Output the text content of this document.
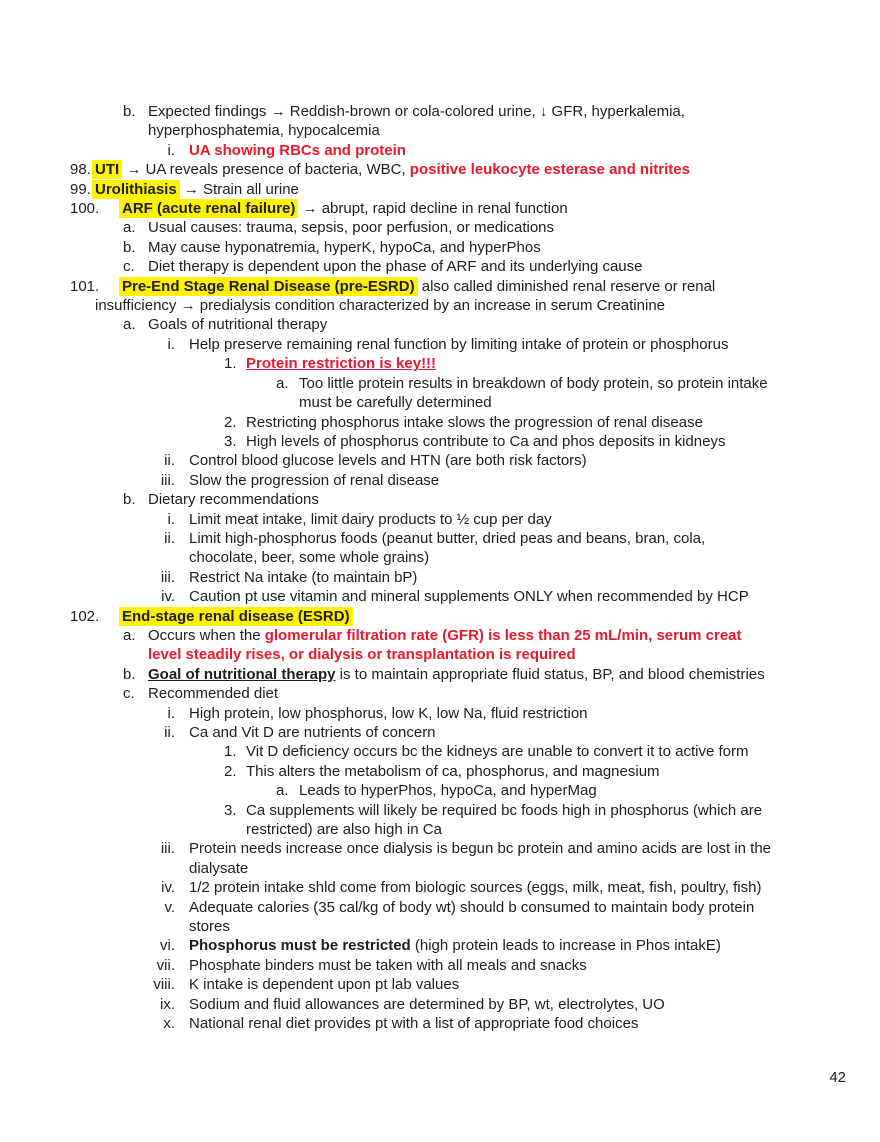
b. Expected findings → Reddish-brown or cola-colored urine, ↓ GFR, hyperkalemia,
hyperphosphatemia, hypocalcemia
i. UA showing RBCs and protein
98. UTI → UA reveals presence of bacteria, WBC, positive leukocyte esterase and nitrites
99. Urolithiasis → Strain all urine
100. ARF (acute renal failure) → abrupt, rapid decline in renal function
a. Usual causes: trauma, sepsis, poor perfusion, or medications
b. May cause hyponatremia, hyperK, hypoCa, and hyperPhos
c. Diet therapy is dependent upon the phase of ARF and its underlying cause
101. Pre-End Stage Renal Disease (pre-ESRD) also called diminished renal reserve or renal
insufficiency → predialysis condition characterized by an increase in serum Creatinine
a. Goals of nutritional therapy
i. Help preserve remaining renal function by limiting intake of protein or phosphorus
1. Protein restriction is key!!!
a. Too little protein results in breakdown of body protein, so protein intake
must be carefully determined
2. Restricting phosphorus intake slows the progression of renal disease
3. High levels of phosphorus contribute to Ca and phos deposits in kidneys
ii. Control blood glucose levels and HTN (are both risk factors)
iii. Slow the progression of renal disease
b. Dietary recommendations
i. Limit meat intake, limit dairy products to ½ cup per day
ii. Limit high-phosphorus foods (peanut butter, dried peas and beans, bran, cola,
chocolate, beer, some whole grains)
iii. Restrict Na intake (to maintain bP)
iv. Caution pt use vitamin and mineral supplements ONLY when recommended by HCP
102. End-stage renal disease (ESRD)
a. Occurs when the glomerular filtration rate (GFR) is less than 25 mL/min, serum creat
level steadily rises, or dialysis or transplantation is required
b. Goal of nutritional therapy is to maintain appropriate fluid status, BP, and blood chemistries
c. Recommended diet
i. High protein, low phosphorus, low K, low Na, fluid restriction
ii. Ca and Vit D are nutrients of concern
1. Vit D deficiency occurs bc the kidneys are unable to convert it to active form
2. This alters the metabolism of ca, phosphorus, and magnesium
a. Leads to hyperPhos, hypoCa, and hyperMag
3. Ca supplements will likely be required bc foods high in phosphorus (which are
restricted) are also high in Ca
iii. Protein needs increase once dialysis is begun bc protein and amino acids are lost in the
dialysate
iv. 1/2 protein intake shld come from biologic sources (eggs, milk, meat, fish, poultry, fish)
v. Adequate calories (35 cal/kg of body wt) should b consumed to maintain body protein
stores
vi. Phosphorus must be restricted (high protein leads to increase in Phos intakE)
vii. Phosphate binders must be taken with all meals and snacks
viii. K intake is dependent upon pt lab values
ix. Sodium and fluid allowances are determined by BP, wt, electrolytes, UO
x. National renal diet provides pt with a list of appropriate food choices
42
